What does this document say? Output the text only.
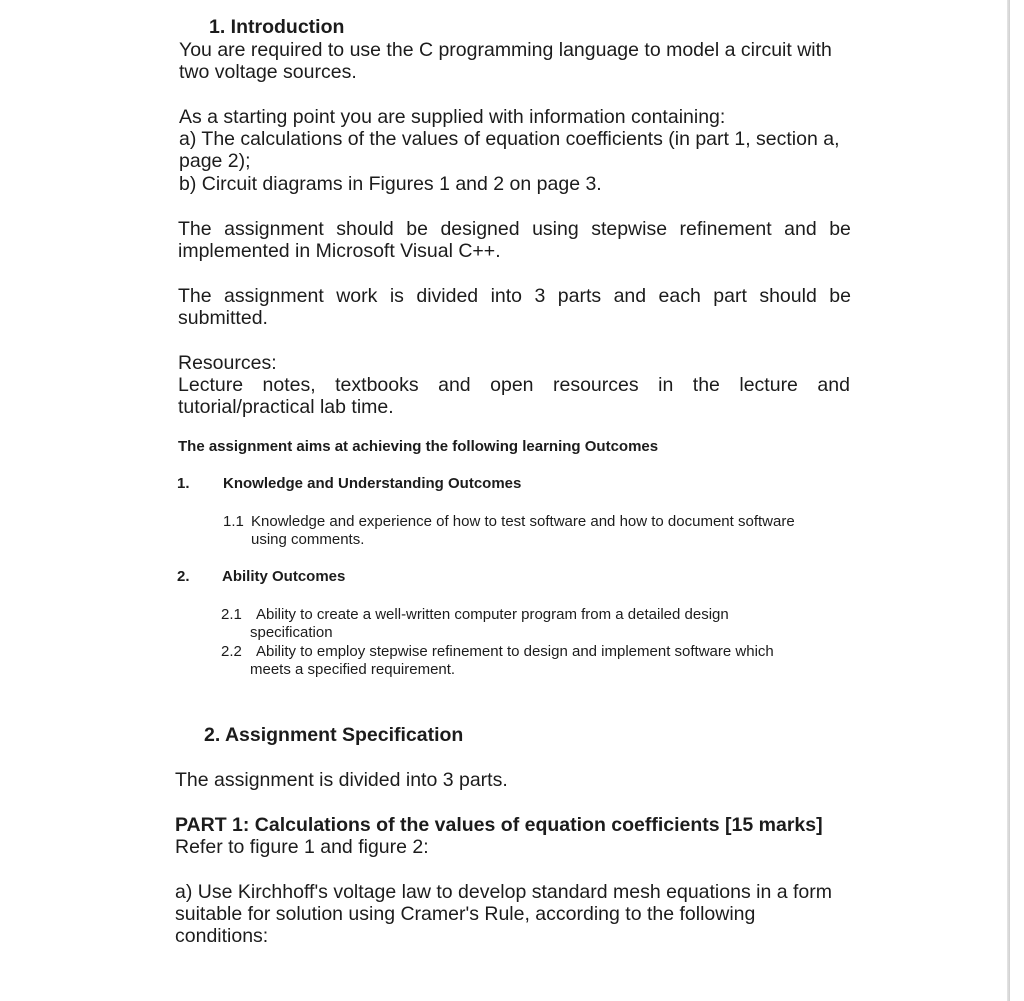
1. Introduction

You are required to use the C programming language to model a circuit with

two voltage sources.

As a starting point you are supplied with information containing:

a) The calculations of the values of equation coefficients (in part 1, section a,

page 2);

b) Circuit diagrams in Figures 1 and 2 on page 3.

The assignment should be designed using stepwise refinement and be

implemented in Microsoft Visual C++.

The assignment work is divided into 3 parts and each part should be

submitted.

Resources:

Lecture notes, textbooks and open resources in the lecture and

tutorial/practical lab time.

The assignment aims at achieving the following learning Outcomes

1. Knowledge and Understanding Outcomes
1.1 Knowledge and experience of how to test software and how to document software
using comments.
2. Ability Outcomes
2.1 Ability to create a well-written computer program from a detailed design
specification
2.2 Ability to employ stepwise refinement to design and implement software which
meets a specified requirement.
2. Assignment Specification

The assignment is divided into 3 parts.

PART 1: Calculations of the values of equation coefficients [15 marks]

Refer to figure 1 and figure 2:

a) Use Kirchhoff's voltage law to develop standard mesh equations in a form

suitable for solution using Cramer's Rule, according to the following

conditions:
